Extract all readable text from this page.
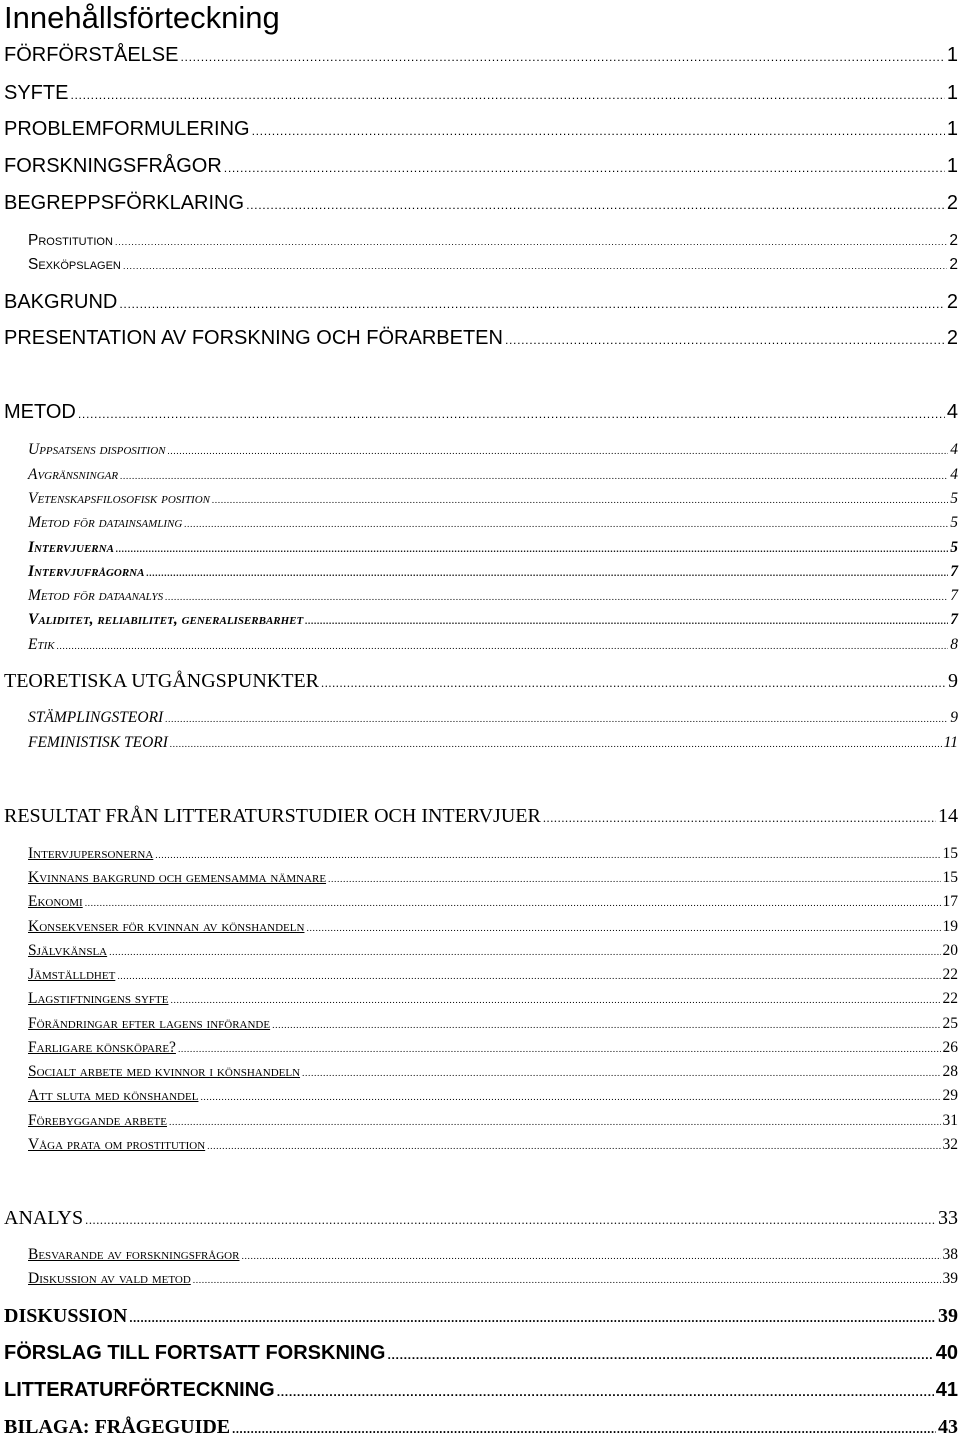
Innehållsförteckning
FÖRFÖRSTÅELSE .....	1
SYFTE .....	1
PROBLEMFORMULERING .....	1
FORSKNINGSFRÅGOR .....	1
BEGREPPSFÖRKLARING .....	2
Prostitution .....	2
Sexköpslagen .....	2
BAKGRUND .....	2
PRESENTATION AV FORSKNING OCH FÖRARBETEN .....	2
METOD .....	4
Uppsatsens disposition .....	4
Avgränsningar .....	4
Vetenskapsfilosofisk position .....	5
Metod för datainsamling .....	5
Intervjuerna .....	5
Intervjufrågorna .....	7
Metod för dataanalys .....	7
Validitet, reliabilitet, generaliserbarhet .....	7
Etik .....	8
TEORETISKA UTGÅNGSPUNKTER .....	9
STÄMPLINGSTEORI .....	9
FEMINISTISK TEORI .....	11
RESULTAT FRÅN LITTERATURSTUDIER OCH INTERVJUER .....	14
Intervjupersonerna .....	15
Kvinnans bakgrund och gemensamma nämnare .....	15
Ekonomi .....	17
Konsekvenser för kvinnan av könshandeln .....	19
Självkänsla .....	20
Jämställdhet .....	22
Lagstiftningens syfte .....	22
Förändringar efter lagens införande .....	25
Farligare könsköpare? .....	26
Socialt arbete med kvinnor i könshandeln .....	28
Att sluta med könshandel .....	29
Förebyggande arbete .....	31
Våga prata om prostitution .....	32
ANALYS .....	33
Besvarande av forskningsfrågor .....	38
Diskussion av vald metod .....	39
DISKUSSION .....	39
FÖRSLAG TILL FORTSATT FORSKNING .....	40
LITTERATURFÖRTECKNING .....	41
BILAGA: FRÅGEGUIDE .....	43
